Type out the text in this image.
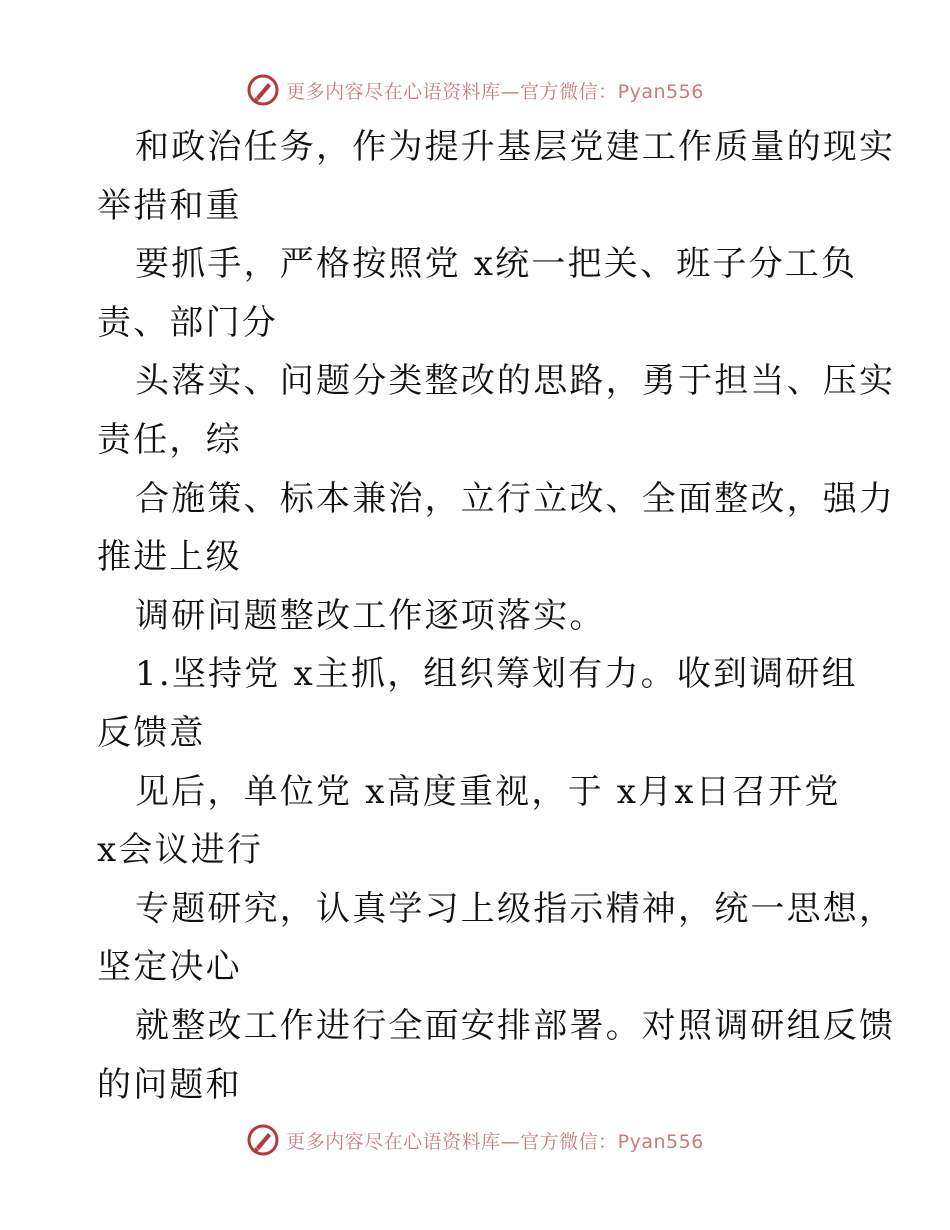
更多内容尽在心语资料库—官方微信：Pyan556
和政治任务，作为提升基层党建工作质量的现实
举措和重
要抓手，严格按照党 x统一把关、班子分工负
责、部门分
头落实、问题分类整改的思路，勇于担当、压实
责任，综
合施策、标本兼治，立行立改、全面整改，强力
推进上级
调研问题整改工作逐项落实。
1.坚持党 x主抓，组织筹划有力。收到调研组
反馈意
见后，单位党 x高度重视，于 x月x日召开党
x会议进行
专题研究，认真学习上级指示精神，统一思想，
坚定决心
就整改工作进行全面安排部署。对照调研组反馈
的问题和
更多内容尽在心语资料库—官方微信：Pyan556
